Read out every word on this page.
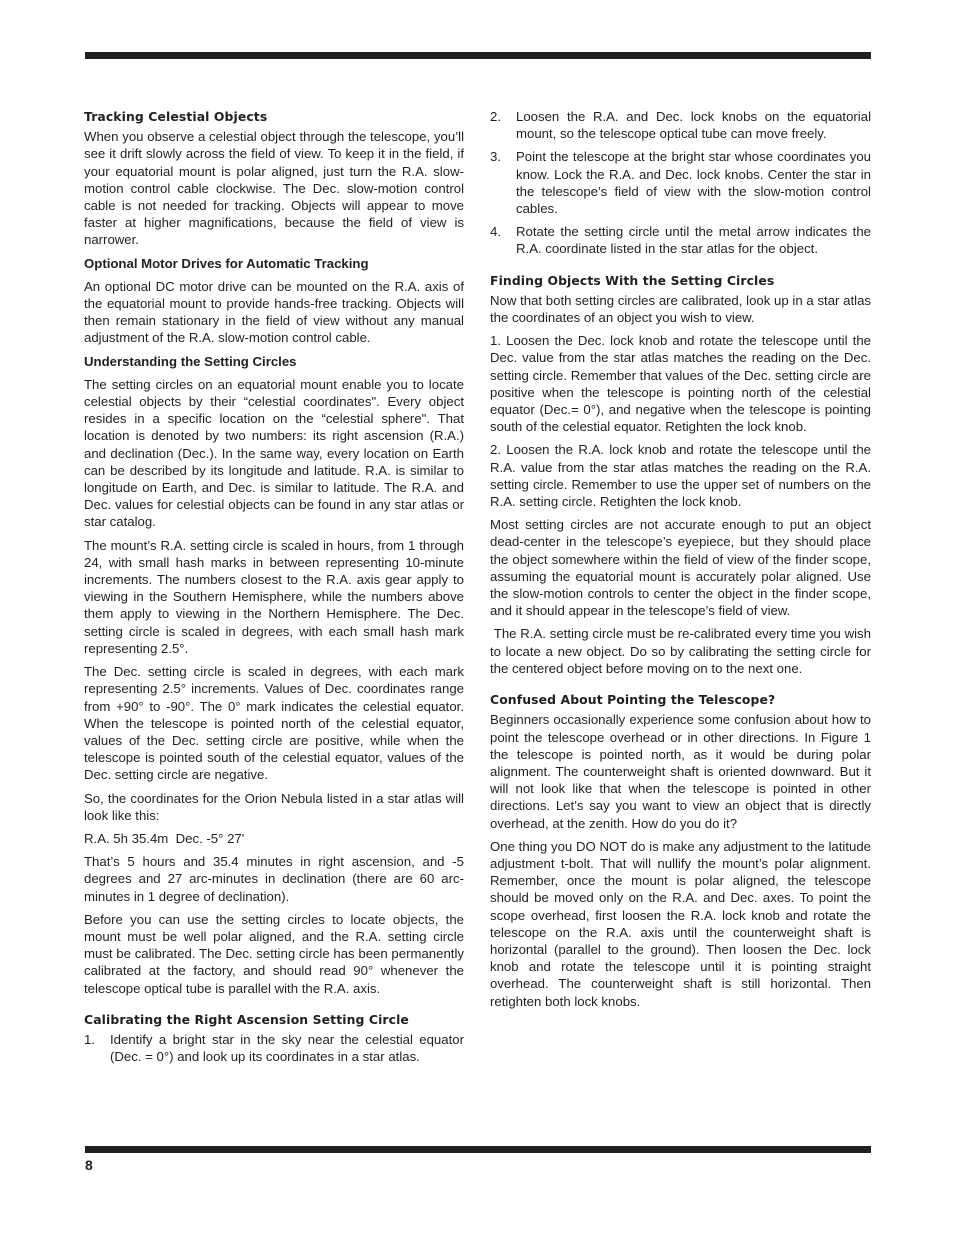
Tracking Celestial Objects

When you observe a celestial object through the telescope, you’ll see it drift slowly across the field of view. To keep it in the field, if your equatorial mount is polar aligned, just turn the R.A. slow-motion control cable clockwise. The Dec. slow-motion control cable is not needed for tracking. Objects will appear to move faster at higher magnifications, because the field of view is narrower.

Optional Motor Drives for Automatic Tracking

An optional DC motor drive can be mounted on the R.A. axis of the equatorial mount to provide hands-free tracking. Objects will then remain stationary in the field of view without any manual adjustment of the R.A. slow-motion control cable.

Understanding the Setting Circles

The setting circles on an equatorial mount enable you to locate celestial objects by their “celestial coordinates". Every object resides in a specific location on the “celestial sphere". That location is denoted by two numbers: its right ascension (R.A.) and declination (Dec.). In the same way, every location on Earth can be described by its longitude and latitude. R.A. is similar to longitude on Earth, and Dec. is similar to latitude. The R.A. and Dec. values for celestial objects can be found in any star atlas or star catalog.

The mount’s R.A. setting circle is scaled in hours, from 1 through 24, with small hash marks in between representing 10-minute increments. The numbers closest to the R.A. axis gear apply to viewing in the Southern Hemisphere, while the numbers above them apply to viewing in the Northern Hemisphere. The Dec. setting circle is scaled in degrees, with each small hash mark representing 2.5°.

The Dec. setting circle is scaled in degrees, with each mark representing 2.5° increments. Values of Dec. coordinates range from +90° to -90°. The 0° mark indicates the celestial equator. When the telescope is pointed north of the celestial equator, values of the Dec. setting circle are positive, while when the telescope is pointed south of the celestial equator, values of the Dec. setting circle are negative.

So, the coordinates for the Orion Nebula listed in a star atlas will look like this:

R.A. 5h 35.4m  Dec. -5° 27'

That’s 5 hours and 35.4 minutes in right ascension, and -5 degrees and 27 arc-minutes in declination (there are 60 arc-minutes in 1 degree of declination).

Before you can use the setting circles to locate objects, the mount must be well polar aligned, and the R.A. setting circle must be calibrated. The Dec. setting circle has been permanently calibrated at the factory, and should read 90° whenever the telescope optical tube is parallel with the R.A. axis.

Calibrating the Right Ascension Setting Circle
1.	Identify a bright star in the sky near the celestial equator (Dec. = 0°) and look up its coordinates in a star atlas.
2.	Loosen the R.A. and Dec. lock knobs on the equatorial mount, so the telescope optical tube can move freely.
3.	Point the telescope at the bright star whose coordinates you know. Lock the R.A. and Dec. lock knobs. Center the star in the telescope’s field of view with the slow-motion control cables.
4.	Rotate the setting circle until the metal arrow indicates the R.A. coordinate listed in the star atlas for the object.
Finding Objects With the Setting Circles

Now that both setting circles are calibrated, look up in a star atlas the coordinates of an object you wish to view.

1. Loosen the Dec. lock knob and rotate the telescope until the Dec. value from the star atlas matches the reading on the Dec. setting circle. Remember that values of the Dec. setting circle are positive when the telescope is pointing north of the celestial equator (Dec.= 0°), and negative when the telescope is pointing south of the celestial equator. Retighten the lock knob.

2. Loosen the R.A. lock knob and rotate the telescope until the R.A. value from the star atlas matches the reading on the R.A. setting circle. Remember to use the upper set of numbers on the R.A. setting circle. Retighten the lock knob.

Most setting circles are not accurate enough to put an object dead-center in the telescope’s eyepiece, but they should place the object somewhere within the field of view of the finder scope, assuming the equatorial mount is accurately polar aligned. Use the slow-motion controls to center the object in the finder scope, and it should appear in the telescope’s field of view.

The R.A. setting circle must be re-calibrated every time you wish to locate a new object. Do so by calibrating the setting circle for the centered object before moving on to the next one.

Confused About Pointing the Telescope?

Beginners occasionally experience some confusion about how to point the telescope overhead or in other directions. In Figure 1 the telescope is pointed north, as it would be during polar alignment. The counterweight shaft is oriented downward. But it will not look like that when the telescope is pointed in other directions. Let’s say you want to view an object that is directly overhead, at the zenith. How do you do it?

One thing you DO NOT do is make any adjustment to the latitude adjustment t-bolt. That will nullify the mount’s polar alignment. Remember, once the mount is polar aligned, the telescope should be moved only on the R.A. and Dec. axes. To point the scope overhead, first loosen the R.A. lock knob and rotate the telescope on the R.A. axis until the counterweight shaft is horizontal (parallel to the ground). Then loosen the Dec. lock knob and rotate the telescope until it is pointing straight overhead. The counterweight shaft is still horizontal. Then retighten both lock knobs.

8
